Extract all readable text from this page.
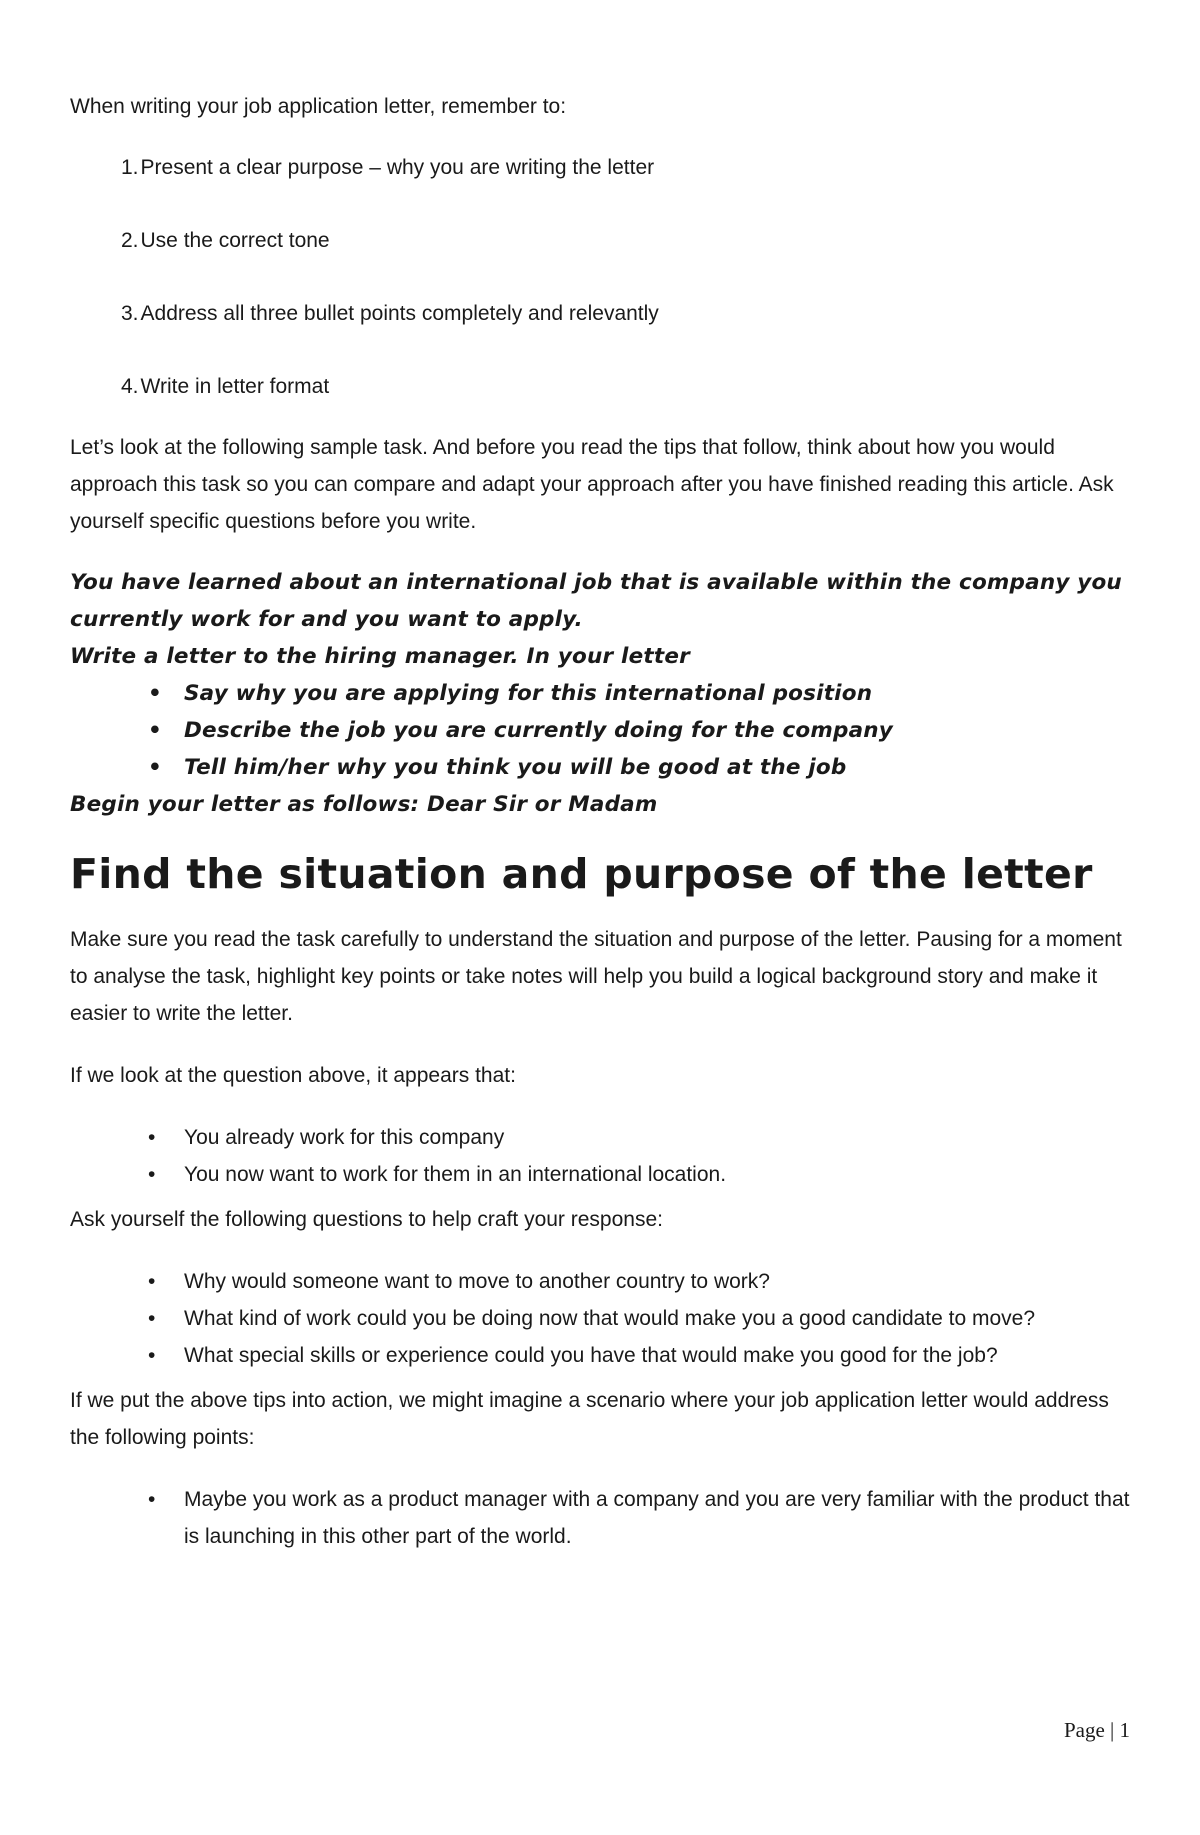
When writing your job application letter, remember to:

1.Present a clear purpose – why you are writing the letter
2.Use the correct tone
3.Address all three bullet points completely and relevantly
4.Write in letter format

Let’s look at the following sample task. And before you read the tips that follow, think about how you would approach this task so you can compare and adapt your approach after you have finished reading this article. Ask yourself specific questions before you write.

You have learned about an international job that is available within the company you currently work for and you want to apply.

Write a letter to the hiring manager. In your letter

• Say why you are applying for this international position
• Describe the job you are currently doing for the company
• Tell him/her why you think you will be good at the job

Begin your letter as follows: Dear Sir or Madam

Find the situation and purpose of the letter

Make sure you read the task carefully to understand the situation and purpose of the letter. Pausing for a moment to analyse the task, highlight key points or take notes will help you build a logical background story and make it easier to write the letter.

If we look at the question above, it appears that:

• You already work for this company
• You now want to work for them in an international location.

Ask yourself the following questions to help craft your response:

• Why would someone want to move to another country to work?
• What kind of work could you be doing now that would make you a good candidate to move?
• What special skills or experience could you have that would make you good for the job?

If we put the above tips into action, we might imagine a scenario where your job application letter would address the following points:

• Maybe you work as a product manager with a company and you are very familiar with the product that is launching in this other part of the world.
Page | 1
